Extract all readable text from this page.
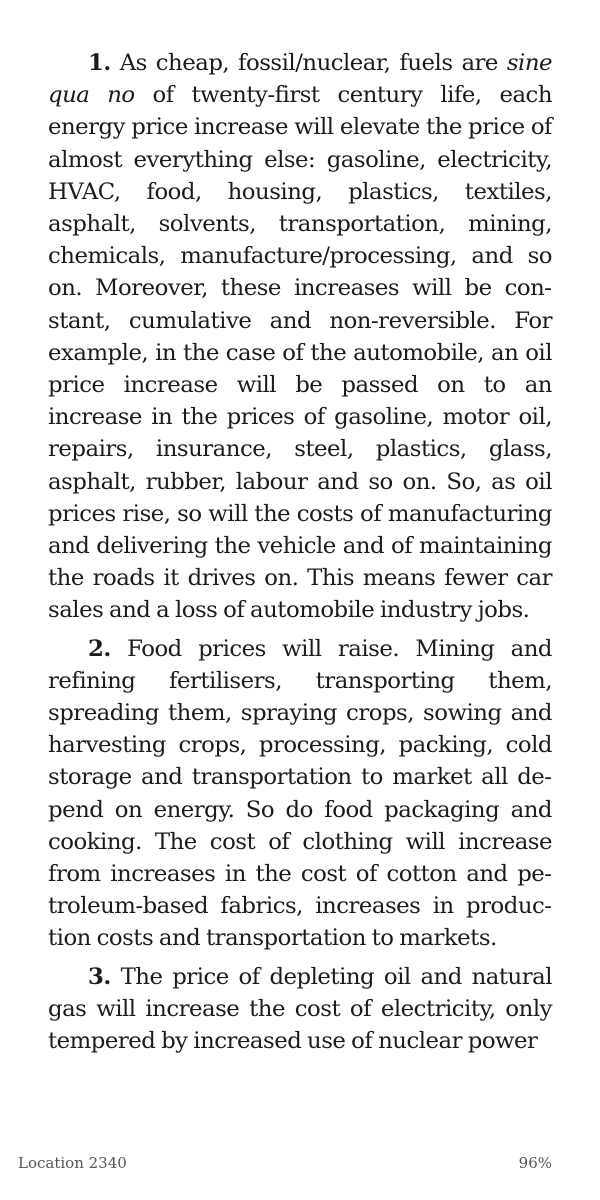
1. As cheap, fossil/nuclear, fuels are sine qua no of twenty-first century life, each energy price increase will elevate the price of almost everything else: gasoline, electricity, HVAC, food, housing, plastics, textiles, asphalt, solvents, transportation, mining, chemicals, manufacture/processing, and so on. Moreover, these increases will be constant, cumulative and non-reversible. For example, in the case of the automobile, an oil price increase will be passed on to an increase in the prices of gasoline, motor oil, repairs, insurance, steel, plastics, glass, asphalt, rubber, labour and so on. So, as oil prices rise, so will the costs of manufacturing and delivering the vehicle and of maintaining the roads it drives on. This means fewer car sales and a loss of automobile industry jobs.

2. Food prices will raise. Mining and refining fertilisers, transporting them, spreading them, spraying crops, sowing and harvesting crops, processing, packing, cold storage and transportation to market all depend on energy. So do food packaging and cooking. The cost of clothing will increase from increases in the cost of cotton and petroleum-based fabrics, increases in production costs and transportation to markets.

3. The price of depleting oil and natural gas will increase the cost of electricity, only tempered by increased use of nuclear power

Location 2340	96%
